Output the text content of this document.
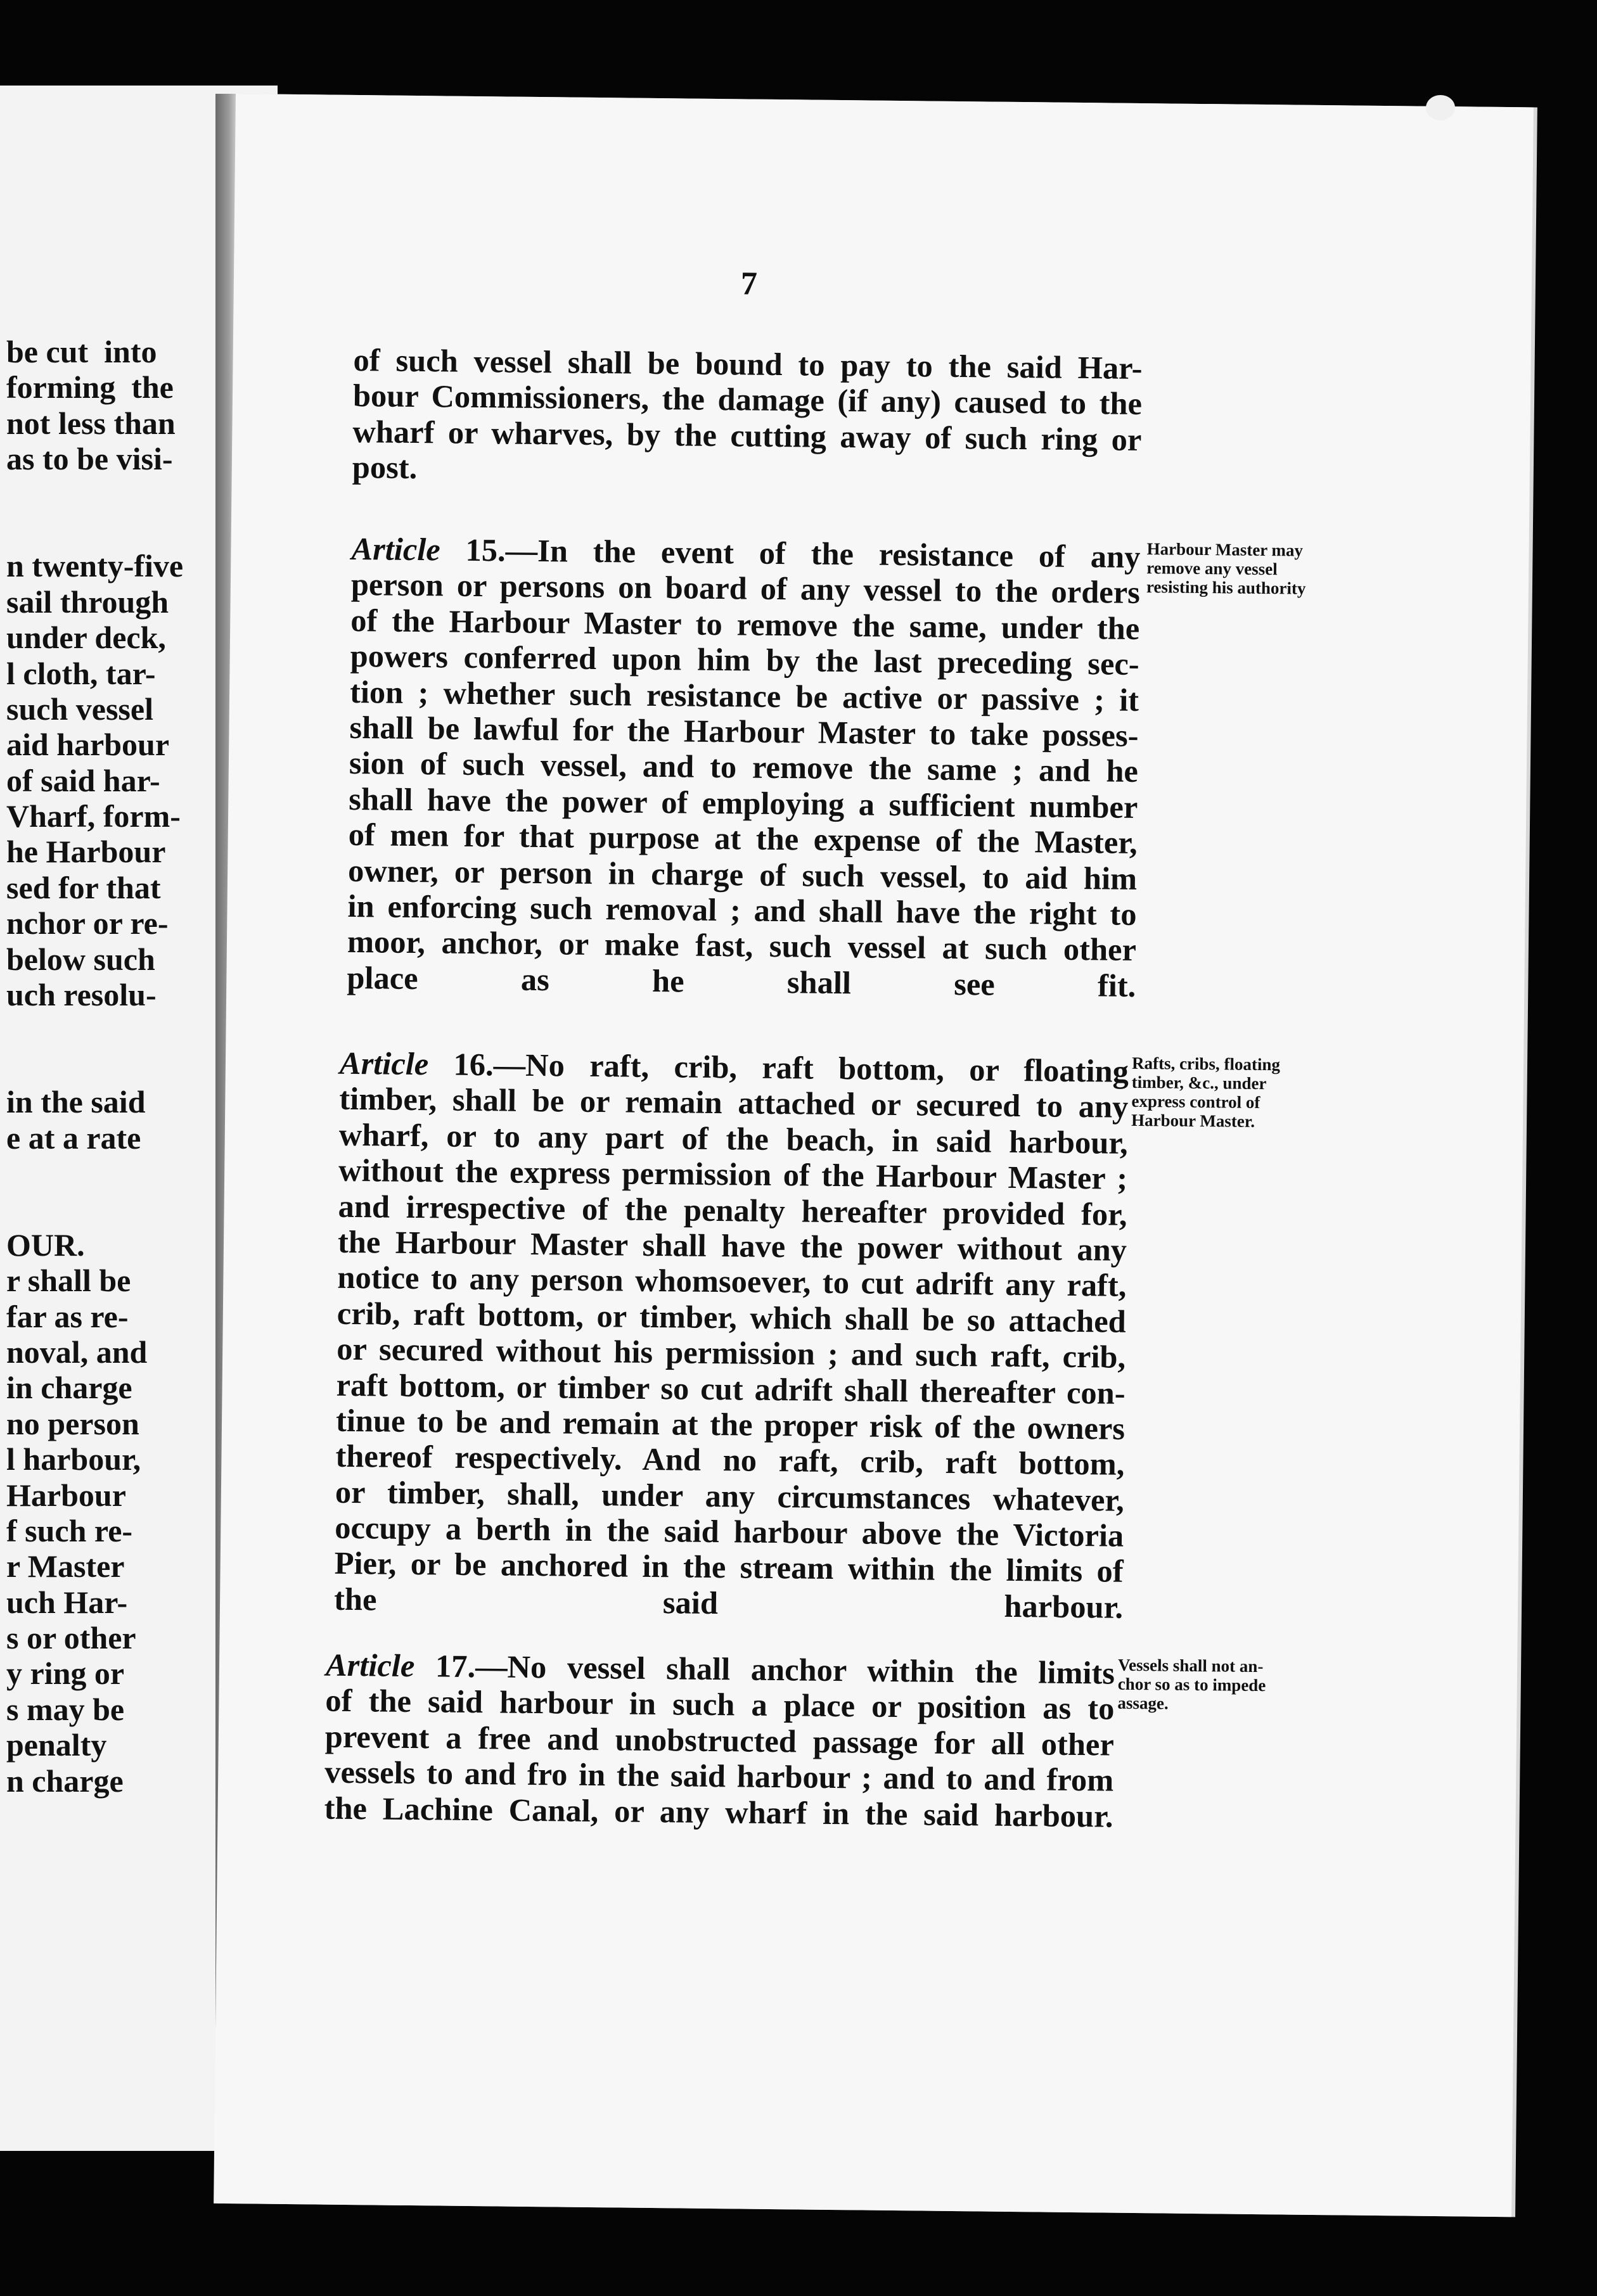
be cut  into
forming  the
not less than
as to be visi-
n twenty-five
sail through
under deck,
l cloth, tar-
such vessel
aid harbour
of said har-
Vharf, form-
he Harbour
sed for that
nchor or re-
below such
uch resolu-
in the said
e at a rate
OUR.
r shall be
far as re-
noval, and
in charge
no person
l harbour,
Harbour
f such re-
r Master
uch Har-
s or other
y ring or
s may be
penalty
n charge
7
of such vessel shall be bound to pay to the said Har-
bour Commissioners, the damage (if any) caused to the
wharf or wharves, by the cutting away of such ring or
post.
Article 15.—In the event of the resistance of any
person or persons on board of any vessel to the orders
of the Harbour Master to remove the same, under the
powers conferred upon him by the last preceding sec-
tion ; whether such resistance be active or passive ; it
shall be lawful for the Harbour Master to take posses-
sion of such vessel, and to remove the same ; and he
shall have the power of employing a sufficient number
of men for that purpose at the expense of the Master,
owner, or person in charge of such vessel, to aid him
in enforcing such removal ; and shall have the right to
moor, anchor, or make fast, such vessel at such other
place as he shall see fit.
Harbour Master may
remove any vessel
resisting his authority
Article 16.—No raft, crib, raft bottom, or floating
timber, shall be or remain attached or secured to any
wharf, or to any part of the beach, in said harbour,
without the express permission of the Harbour Master ;
and irrespective of the penalty hereafter provided for,
the Harbour Master shall have the power without any
notice to any person whomsoever, to cut adrift any raft,
crib, raft bottom, or timber, which shall be so attached
or secured without his permission ; and such raft, crib,
raft bottom, or timber so cut adrift shall thereafter con-
tinue to be and remain at the proper risk of the owners
thereof respectively. And no raft, crib, raft bottom,
or timber, shall, under any circumstances whatever,
occupy a berth in the said harbour above the Victoria
Pier, or be anchored in the stream within the limits of
the said harbour.
Rafts, cribs, floating
timber, &c., under
express control of
Harbour Master.
Article 17.—No vessel shall anchor within the limits
of the said harbour in such a place or position as to
prevent a free and unobstructed passage for all other
vessels to and fro in the said harbour ; and to and from
the Lachine Canal, or any wharf in the said harbour.
Vessels shall not an-
chor so as to impede
assage.
